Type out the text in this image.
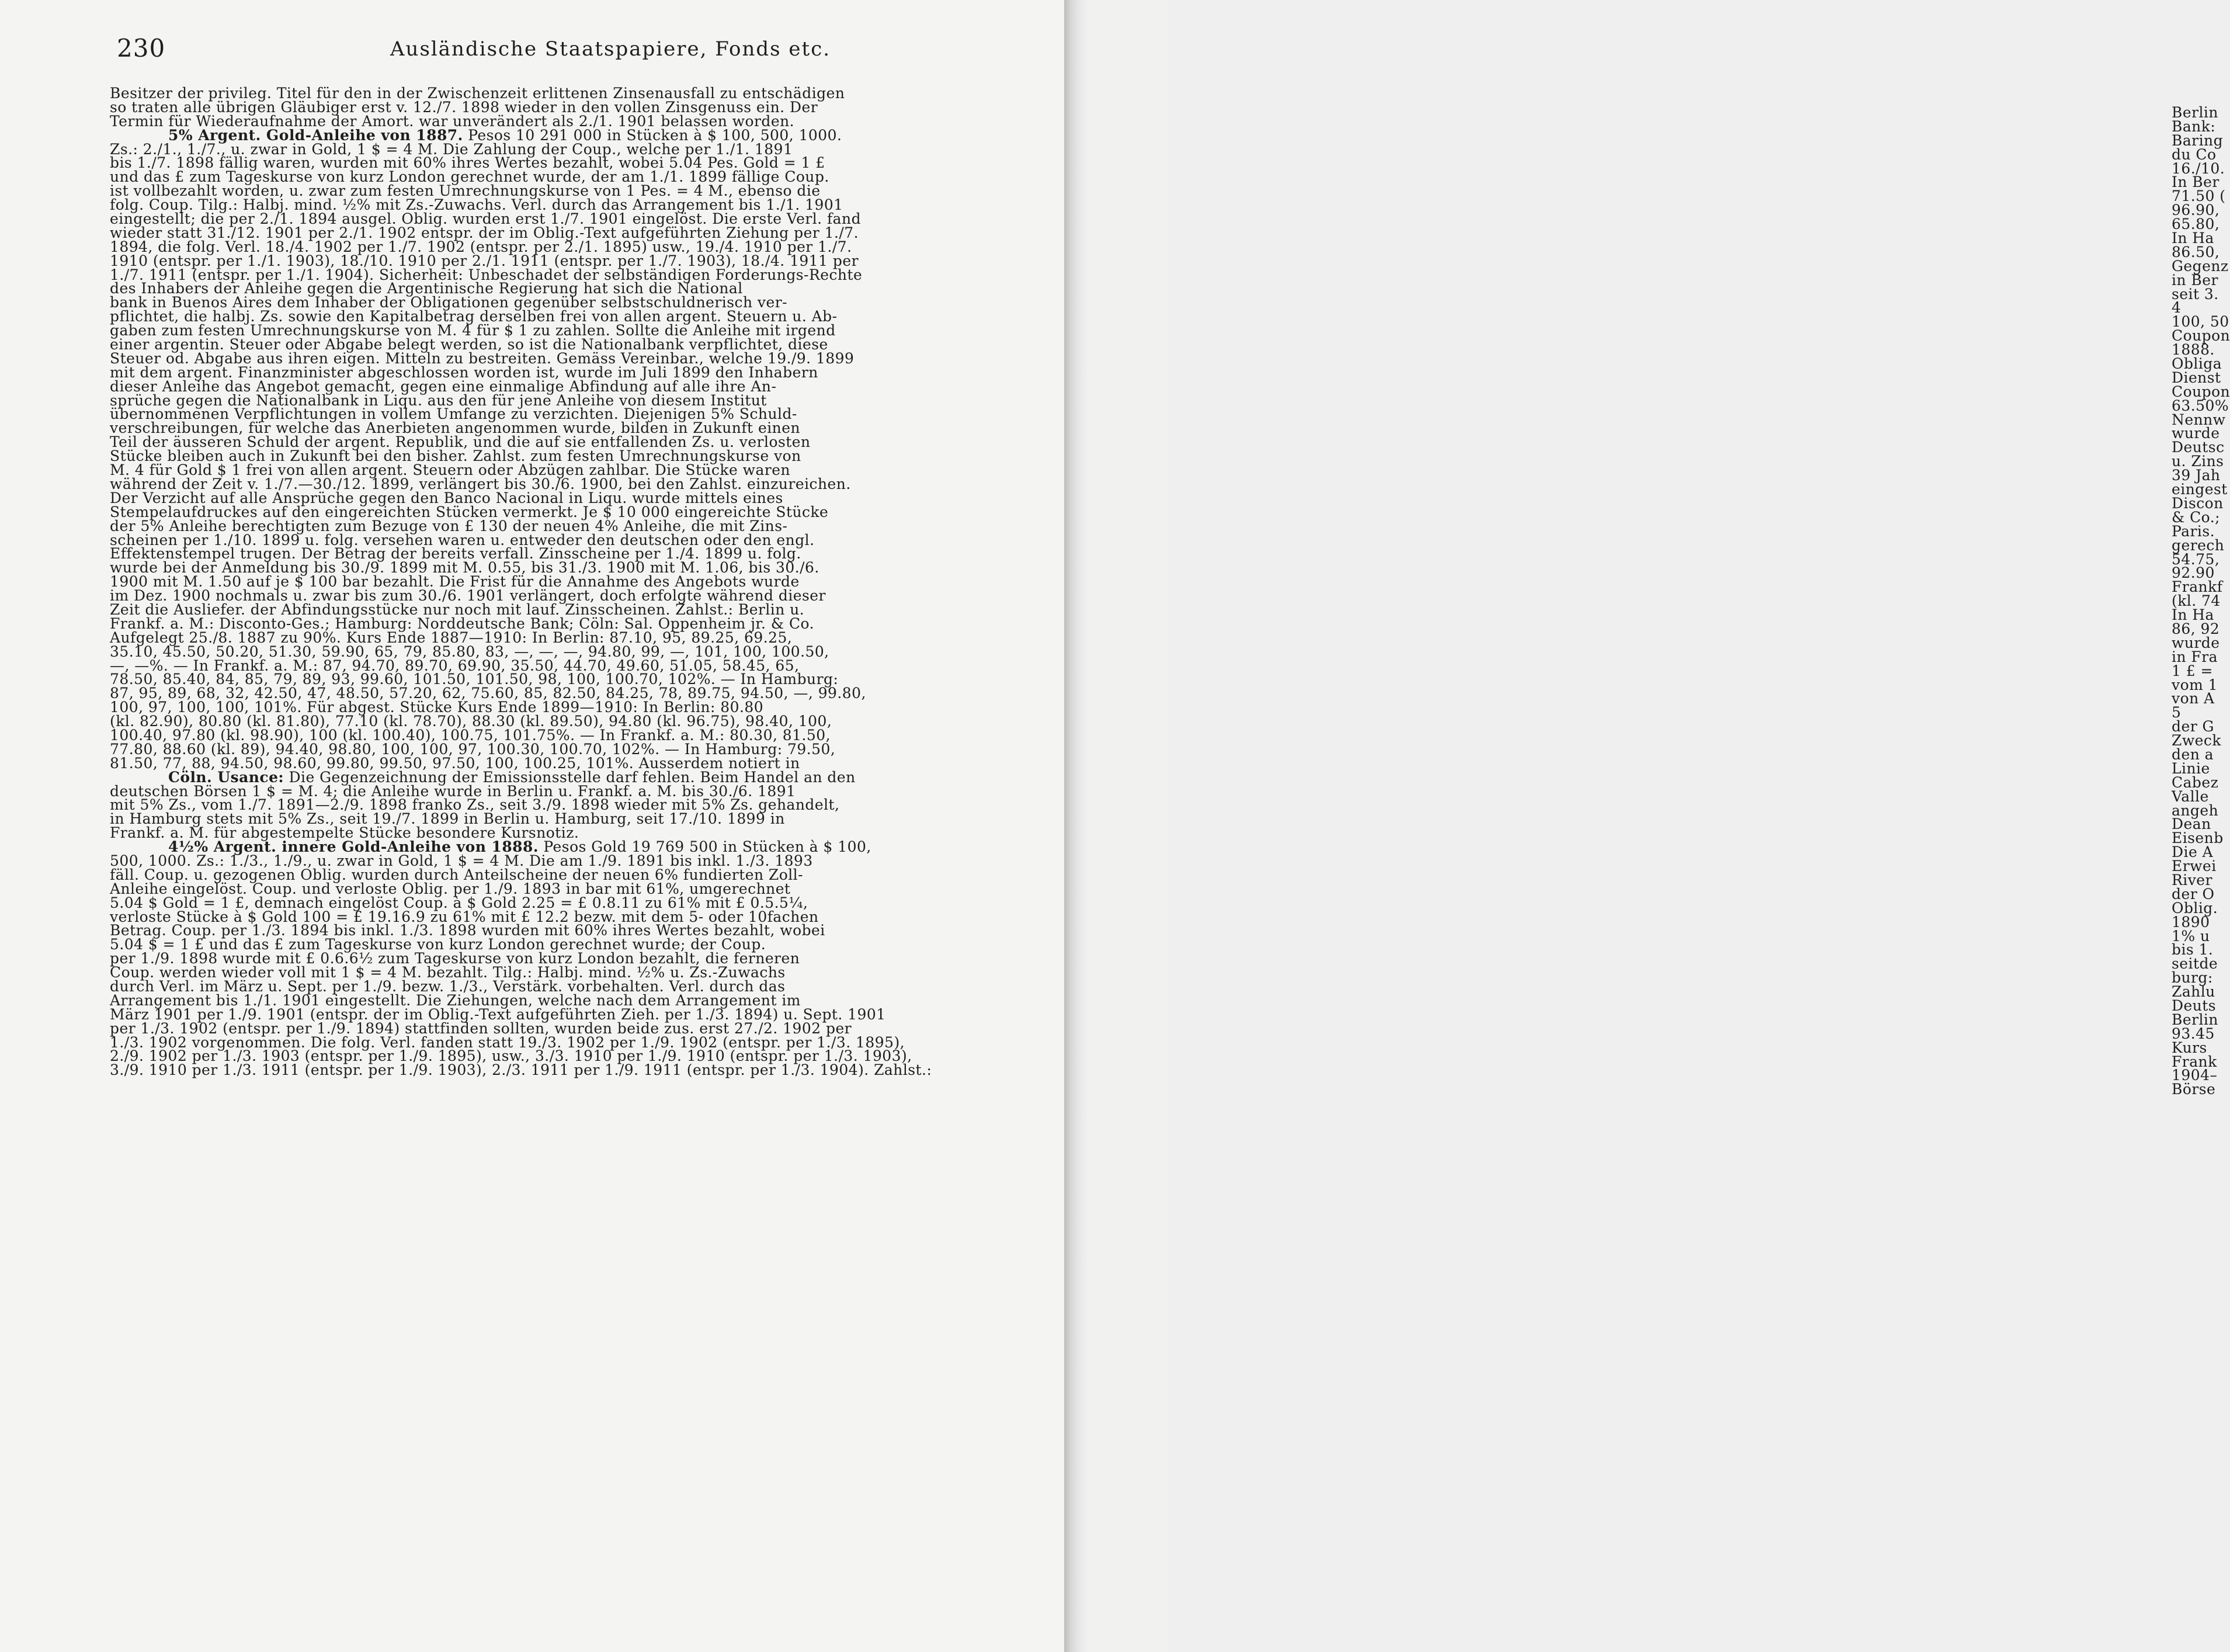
230	Ausländische Staatspapiere, Fonds etc.
Besitzer der privileg. Titel für den in der Zwischenzeit erlittenen Zinsenausfall zu entschädigen
so traten alle übrigen Gläubiger erst v. 12./7. 1898 wieder in den vollen Zinsgenuss ein. Der
Termin für Wiederaufnahme der Amort. war unverändert als 2./1. 1901 belassen worden.
5% Argent. Gold-Anleihe von 1887. Pesos 10 291 000 in Stücken à $ 100, 500, 1000.
Zs.: 2./1., 1./7., u. zwar in Gold, 1 $ = 4 M. Die Zahlung der Coup., welche per 1./1. 1891
bis 1./7. 1898 fällig waren, wurden mit 60% ihres Wertes bezahlt, wobei 5.04 Pes. Gold = 1 £
und das £ zum Tageskurse von kurz London gerechnet wurde, der am 1./1. 1899 fällige Coup.
ist vollbezahlt worden, u. zwar zum festen Umrechnungskurse von 1 Pes. = 4 M., ebenso die
folg. Coup. Tilg.: Halbj. mind. ½% mit Zs.-Zuwachs. Verl. durch das Arrangement bis 1./1. 1901
eingestellt; die per 2./1. 1894 ausgel. Oblig. wurden erst 1./7. 1901 eingelöst. Die erste Verl. fand
wieder statt 31./12. 1901 per 2./1. 1902 entspr. der im Oblig.-Text aufgeführten Ziehung per 1./7.
1894, die folg. Verl. 18./4. 1902 per 1./7. 1902 (entspr. per 2./1. 1895) usw., 19./4. 1910 per 1./7.
1910 (entspr. per 1./1. 1903), 18./10. 1910 per 2./1. 1911 (entspr. per 1./7. 1903), 18./4. 1911 per
1./7. 1911 (entspr. per 1./1. 1904). Sicherheit: Unbeschadet der selbständigen Forderungs-Rechte
des Inhabers der Anleihe gegen die Argentinische Regierung hat sich die National
bank in Buenos Aires dem Inhaber der Obligationen gegenüber selbstschuldnerisch ver-
pflichtet, die halbj. Zs. sowie den Kapitalbetrag derselben frei von allen argent. Steuern u. Ab-
gaben zum festen Umrechnungskurse von M. 4 für $ 1 zu zahlen. Sollte die Anleihe mit irgend
einer argentin. Steuer oder Abgabe belegt werden, so ist die Nationalbank verpflichtet, diese
Steuer od. Abgabe aus ihren eigen. Mitteln zu bestreiten. Gemäss Vereinbar., welche 19./9. 1899
mit dem argent. Finanzminister abgeschlossen worden ist, wurde im Juli 1899 den Inhabern
dieser Anleihe das Angebot gemacht, gegen eine einmalige Abfindung auf alle ihre An-
sprüche gegen die Nationalbank in Liqu. aus den für jene Anleihe von diesem Institut
übernommenen Verpflichtungen in vollem Umfange zu verzichten. Diejenigen 5% Schuld-
verschreibungen, für welche das Anerbieten angenommen wurde, bilden in Zukunft einen
Teil der äusseren Schuld der argent. Republik, und die auf sie entfallenden Zs. u. verlosten
Stücke bleiben auch in Zukunft bei den bisher. Zahlst. zum festen Umrechnungskurse von
M. 4 für Gold $ 1 frei von allen argent. Steuern oder Abzügen zahlbar. Die Stücke waren
während der Zeit v. 1./7.—30./12. 1899, verlängert bis 30./6. 1900, bei den Zahlst. einzureichen.
Der Verzicht auf alle Ansprüche gegen den Banco Nacional in Liqu. wurde mittels eines
Stempelaufdruckes auf den eingereichten Stücken vermerkt. Je $ 10 000 eingereichte Stücke
der 5% Anleihe berechtigten zum Bezuge von £ 130 der neuen 4% Anleihe, die mit Zins-
scheinen per 1./10. 1899 u. folg. versehen waren u. entweder den deutschen oder den engl.
Effektenstempel trugen. Der Betrag der bereits verfall. Zinsscheine per 1./4. 1899 u. folg.
wurde bei der Anmeldung bis 30./9. 1899 mit M. 0.55, bis 31./3. 1900 mit M. 1.06, bis 30./6.
1900 mit M. 1.50 auf je $ 100 bar bezahlt. Die Frist für die Annahme des Angebots wurde
im Dez. 1900 nochmals u. zwar bis zum 30./6. 1901 verlängert, doch erfolgte während dieser
Zeit die Ausliefer. der Abfindungsstücke nur noch mit lauf. Zinsscheinen. Zahlst.: Berlin u.
Frankf. a. M.: Disconto-Ges.; Hamburg: Norddeutsche Bank; Cöln: Sal. Oppenheim jr. & Co.
Aufgelegt 25./8. 1887 zu 90%. Kurs Ende 1887—1910: In Berlin: 87.10, 95, 89.25, 69.25,
35.10, 45.50, 50.20, 51.30, 59.90, 65, 79, 85.80, 83, —, —, —, 94.80, 99, —, 101, 100, 100.50,
—, —%. — In Frankf. a. M.: 87, 94.70, 89.70, 69.90, 35.50, 44.70, 49.60, 51.05, 58.45, 65,
78.50, 85.40, 84, 85, 79, 89, 93, 99.60, 101.50, 101.50, 98, 100, 100.70, 102%. — In Hamburg:
87, 95, 89, 68, 32, 42.50, 47, 48.50, 57.20, 62, 75.60, 85, 82.50, 84.25, 78, 89.75, 94.50, —, 99.80,
100, 97, 100, 100, 101%. Für abgest. Stücke Kurs Ende 1899—1910: In Berlin: 80.80
(kl. 82.90), 80.80 (kl. 81.80), 77.10 (kl. 78.70), 88.30 (kl. 89.50), 94.80 (kl. 96.75), 98.40, 100,
100.40, 97.80 (kl. 98.90), 100 (kl. 100.40), 100.75, 101.75%. — In Frankf. a. M.: 80.30, 81.50,
77.80, 88.60 (kl. 89), 94.40, 98.80, 100, 100, 97, 100.30, 100.70, 102%. — In Hamburg: 79.50,
81.50, 77, 88, 94.50, 98.60, 99.80, 99.50, 97.50, 100, 100.25, 101%. Ausserdem notiert in
Cöln. Usance: Die Gegenzeichnung der Emissionsstelle darf fehlen. Beim Handel an den
deutschen Börsen 1 $ = M. 4; die Anleihe wurde in Berlin u. Frankf. a. M. bis 30./6. 1891
mit 5% Zs., vom 1./7. 1891—2./9. 1898 franko Zs., seit 3./9. 1898 wieder mit 5% Zs. gehandelt,
in Hamburg stets mit 5% Zs., seit 19./7. 1899 in Berlin u. Hamburg, seit 17./10. 1899 in
Frankf. a. M. für abgestempelte Stücke besondere Kursnotiz.
4½% Argent. innere Gold-Anleihe von 1888. Pesos Gold 19 769 500 in Stücken à $ 100,
500, 1000. Zs.: 1./3., 1./9., u. zwar in Gold, 1 $ = 4 M. Die am 1./9. 1891 bis inkl. 1./3. 1893
fäll. Coup. u. gezogenen Oblig. wurden durch Anteilscheine der neuen 6% fundierten Zoll-
Anleihe eingelöst. Coup. und verloste Oblig. per 1./9. 1893 in bar mit 61%, umgerechnet
5.04 $ Gold = 1 £, demnach eingelöst Coup. à $ Gold 2.25 = £ 0.8.11 zu 61% mit £ 0.5.5¼,
verloste Stücke à $ Gold 100 = £ 19.16.9 zu 61% mit £ 12.2 bezw. mit dem 5- oder 10fachen
Betrag. Coup. per 1./3. 1894 bis inkl. 1./3. 1898 wurden mit 60% ihres Wertes bezahlt, wobei
5.04 $ = 1 £ und das £ zum Tageskurse von kurz London gerechnet wurde; der Coup.
per 1./9. 1898 wurde mit £ 0.6.6½ zum Tageskurse von kurz London bezahlt, die ferneren
Coup. werden wieder voll mit 1 $ = 4 M. bezahlt. Tilg.: Halbj. mind. ½% u. Zs.-Zuwachs
durch Verl. im März u. Sept. per 1./9. bezw. 1./3., Verstärk. vorbehalten. Verl. durch das
Arrangement bis 1./1. 1901 eingestellt. Die Ziehungen, welche nach dem Arrangement im
März 1901 per 1./9. 1901 (entspr. der im Oblig.-Text aufgeführten Zieh. per 1./3. 1894) u. Sept. 1901
per 1./3. 1902 (entspr. per 1./9. 1894) stattfinden sollten, wurden beide zus. erst 27./2. 1902 per
1./3. 1902 vorgenommen. Die folg. Verl. fanden statt 19./3. 1902 per 1./9. 1902 (entspr. per 1./3. 1895),
2./9. 1902 per 1./3. 1903 (entspr. per 1./9. 1895), usw., 3./3. 1910 per 1./9. 1910 (entspr. per 1./3. 1903),
3./9. 1910 per 1./3. 1911 (entspr. per 1./9. 1903), 2./3. 1911 per 1./9. 1911 (entspr. per 1./3. 1904). Zahlst.:
Berlin
Bank:
Baring
du Co
16./10.
In Ber
71.50 (
96.90,
65.80,
In Ha
86.50,
Gegenz
in Ber
seit 3.
4
100, 50
Coupon
1888.
Obliga
Dienst
Coupon
63.50%
Nennw
wurde
Deutsc
u. Zins
39 Jah
eingest
Discon
& Co.;
Paris.
gerech
54.75,
92.90
Frankf
(kl. 74
In Ha
86, 92
wurde
in Fra
1 £ =
vom 1
von A
5
der G
Zweck
den a
Linie
Cabez
Valle
angeh
Dean
Eisenb
Die A
Erwei
River
der O
Oblig.
1890
1% u
bis 1.
seitde
burg:
Zahlu
Deuts
Berlin
93.45
Kurs
Frank
1904–
Börse
